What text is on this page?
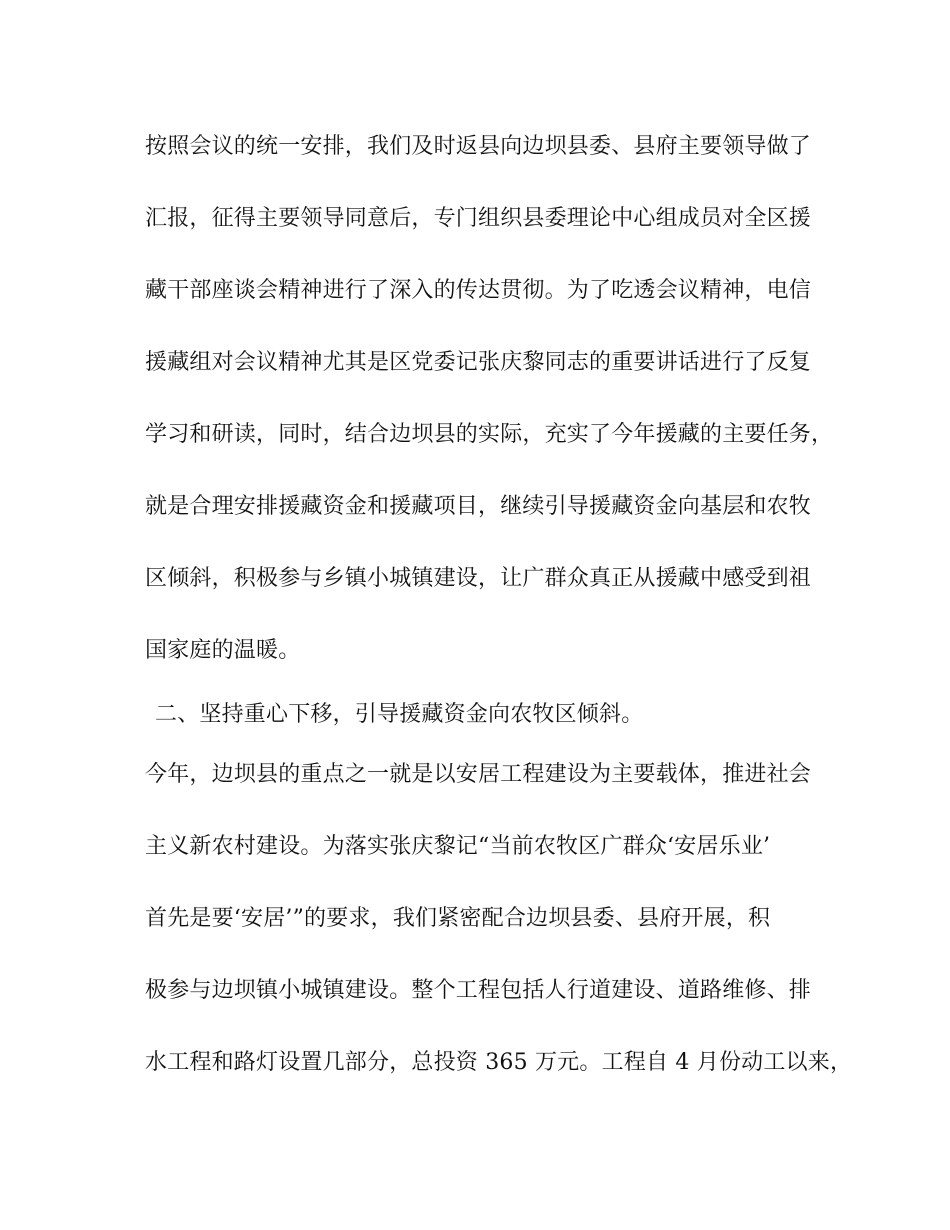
按照会议的统一安排，我们及时返县向边坝县委、县府主要领导做了
汇报，征得主要领导同意后，专门组织县委理论中心组成员对全区援
藏干部座谈会精神进行了深入的传达贯彻。为了吃透会议精神，电信
援藏组对会议精神尤其是区党委记张庆黎同志的重要讲话进行了反复
学习和研读，同时，结合边坝县的实际，充实了今年援藏的主要任务，
就是合理安排援藏资金和援藏项目，继续引导援藏资金向基层和农牧
区倾斜，积极参与乡镇小城镇建设，让广群众真正从援藏中感受到祖
国家庭的温暖。
二、坚持重心下移，引导援藏资金向农牧区倾斜。
今年，边坝县的重点之一就是以安居工程建设为主要载体，推进社会
主义新农村建设。为落实张庆黎记“当前农牧区广群众‘安居乐业’
首先是要‘安居’”的要求，我们紧密配合边坝县委、县府开展，积
极参与边坝镇小城镇建设。整个工程包括人行道建设、道路维修、排
水工程和路灯设置几部分，总投资 365 万元。工程自 4 月份动工以来，
